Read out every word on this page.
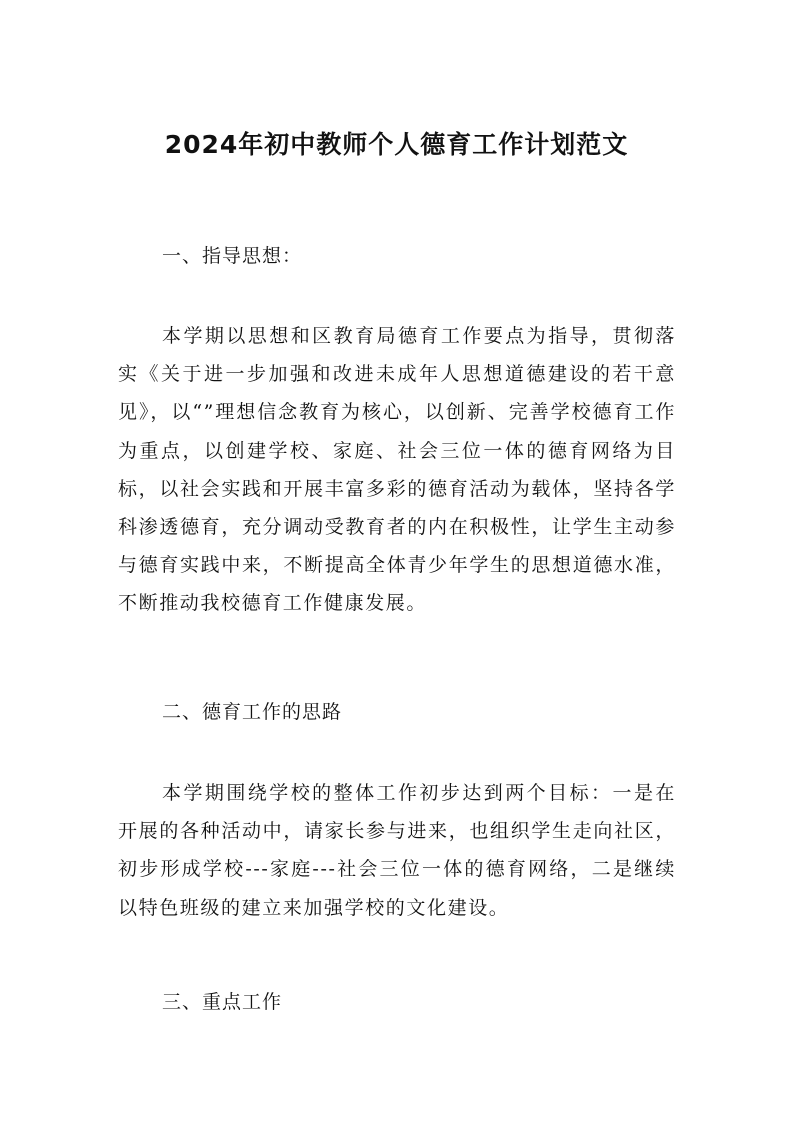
2024年初中教师个人德育工作计划范文
一、指导思想：

本学期以思想和区教育局德育工作要点为指导，贯彻落实《关于进一步加强和改进未成年人思想道德建设的若干意见》，以“”理想信念教育为核心，以创新、完善学校德育工作为重点，以创建学校、家庭、社会三位一体的德育网络为目标，以社会实践和开展丰富多彩的德育活动为载体，坚持各学科渗透德育，充分调动受教育者的内在积极性，让学生主动参与德育实践中来，不断提高全体青少年学生的思想道德水准，不断推动我校德育工作健康发展。

二、德育工作的思路

本学期围绕学校的整体工作初步达到两个目标：一是在开展的各种活动中，请家长参与进来，也组织学生走向社区，初步形成学校---家庭---社会三位一体的德育网络，二是继续以特色班级的建立来加强学校的文化建设。

三、重点工作
